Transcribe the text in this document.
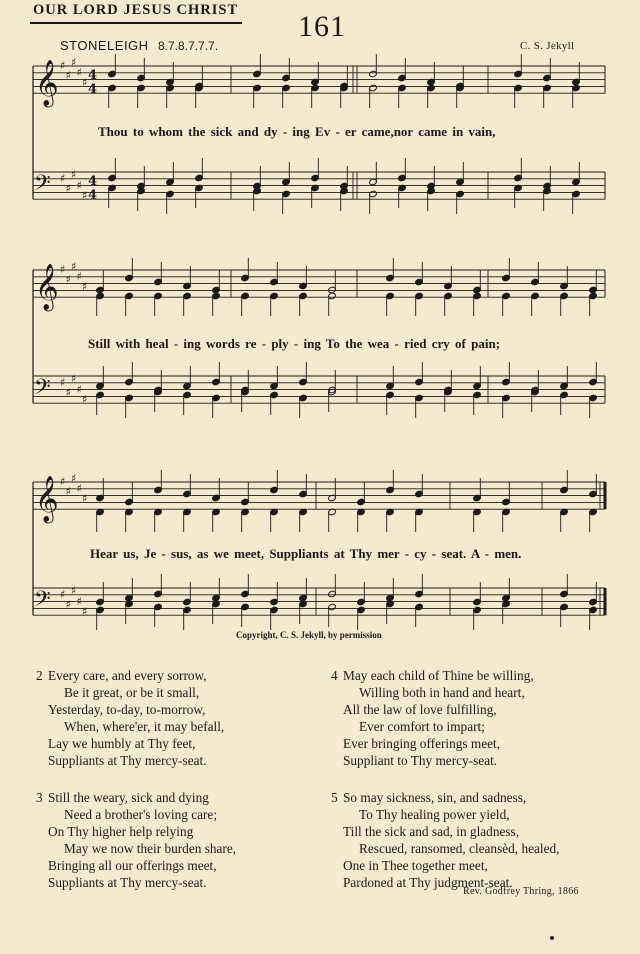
OUR LORD JESUS CHRIST 161
STONELEIGH 8.7.8.7.7.7.	C. S. Jekyll
𝄞 ♯
♯
♯
♯
♯ 4
4
𝄢 ♯
♯
♯
♯
♯
4
4
𝄞 ♯
♯
♯
♯
♯
𝄢 ♯
♯
♯
♯
♯
𝄞 ♯
♯
♯
♯
♯
𝄢 ♯
♯
♯
♯
♯
Thou to whom the sick and dy - ing Ev - er came,nor came in vain,
Still with heal - ing words re - ply - ing To the wea - ried cry of pain;
Hear us, Je - sus, as we meet, Suppliants at Thy mer - cy - seat. A - men.
Copyright, C. S. Jekyll, by permission
2 Every care, and every sorrow,
Be it great, or be it small,
Yesterday, to-day, to-morrow,
When, where'er, it may befall,
Lay we humbly at Thy feet,
Suppliants at Thy mercy-seat.
3 Still the weary, sick and dying
Need a brother's loving care;
On Thy higher help relying
May we now their burden share,
Bringing all our offerings meet,
Suppliants at Thy mercy-seat.
4 May each child of Thine be willing,
Willing both in hand and heart,
All the law of love fulfilling,
Ever comfort to impart;
Ever bringing offerings meet,
Suppliant to Thy mercy-seat.
5 So may sickness, sin, and sadness,
To Thy healing power yield,
Till the sick and sad, in gladness,
Rescued, ransomed, cleansèd, healed,
One in Thee together meet,
Pardoned at Thy judgment-seat.
Rev. Godfrey Thring, 1866
